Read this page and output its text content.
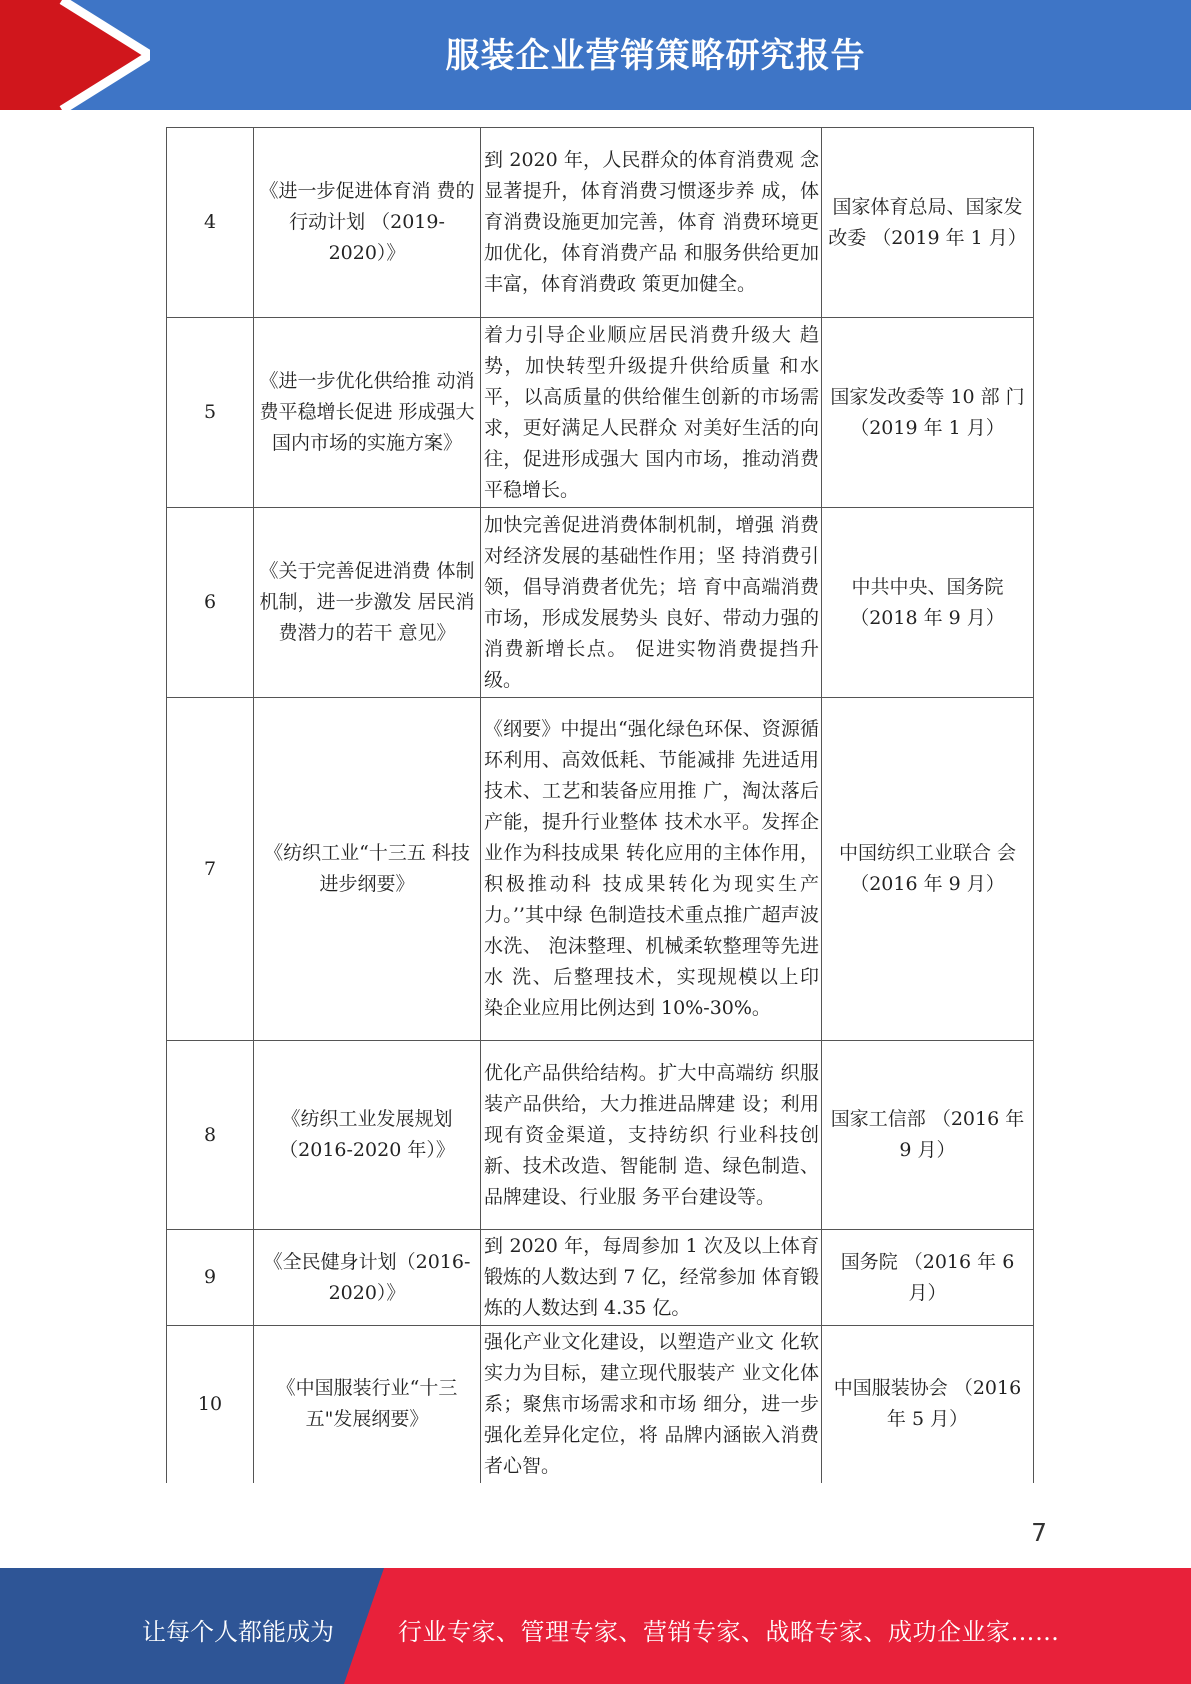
服装企业营销策略研究报告
4	《进一步促进体育消 费的行动计划 （2019-2020）》	到 2020 年，人民群众的体育消费观 念显著提升，体育消费习惯逐步养 成，体育消费设施更加完善，体育 消费环境更加优化，体育消费产品 和服务供给更加丰富，体育消费政 策更加健全。	国家体育总局、国家发改委 （2019 年 1 月）
5	《进一步优化供给推 动消费平稳增长促进 形成强大国内市场的实施方案》	着力引导企业顺应居民消费升级大 趋势，加快转型升级提升供给质量 和水平，以高质量的供给催生创新的市场需求，更好满足人民群众 对美好生活的向往，促进形成强大 国内市场，推动消费平稳增长。	国家发改委等 10 部 门（2019 年 1 月）
6	《关于完善促进消费 体制机制，进一步激发 居民消费潜力的若干 意见》	加快完善促进消费体制机制，增强 消费对经济发展的基础性作用；坚 持消费引领，倡导消费者优先；培 育中高端消费市场，形成发展势头 良好、带动力强的消费新增长点。 促进实物消费提挡升级。	中共中央、国务院（2018 年 9 月）
7	《纺织工业“十三五 科技进步纲要》	《纲要》中提出“强化绿色环保、资源循环利用、高效低耗、节能减排 先进适用技术、工艺和装备应用推 广，淘汰落后产能，提升行业整体 技术水平。发挥企业作为科技成果 转化应用的主体作用，积极推动科 技成果转化为现实生产力。’’其中绿 色制造技术重点推广超声波水洗、 泡沫整理、机械柔软整理等先进水 洗、后整理技术，实现规模以上印 染企业应用比例达到 10%-30%。	中国纺织工业联合 会（2016 年 9 月）
8	《纺织工业发展规划（2016-2020 年）》	优化产品供给结构。扩大中高端纺 织服装产品供给，大力推进品牌建 设；利用现有资金渠道，支持纺织 行业科技创新、技术改造、智能制 造、绿色制造、品牌建设、行业服 务平台建设等。	国家工信部 （2016 年 9 月）
9	《全民健身计划（2016-2020）》	到 2020 年，每周参加 1 次及以上体育锻炼的人数达到 7 亿，经常参加 体育锻炼的人数达到 4.35 亿。	国务院 （2016 年 6 月）
10	《中国服装行业“十三 五"发展纲要》	强化产业文化建设，以塑造产业文 化软实力为目标，建立现代服装产 业文化体系；聚焦市场需求和市场 细分，进一步强化差异化定位，将 品牌内涵嵌入消费者心智。	中国服装协会 （2016 年 5 月）
7
让每个人都能成为	行业专家、管理专家、营销专家、战略专家、成功企业家……
